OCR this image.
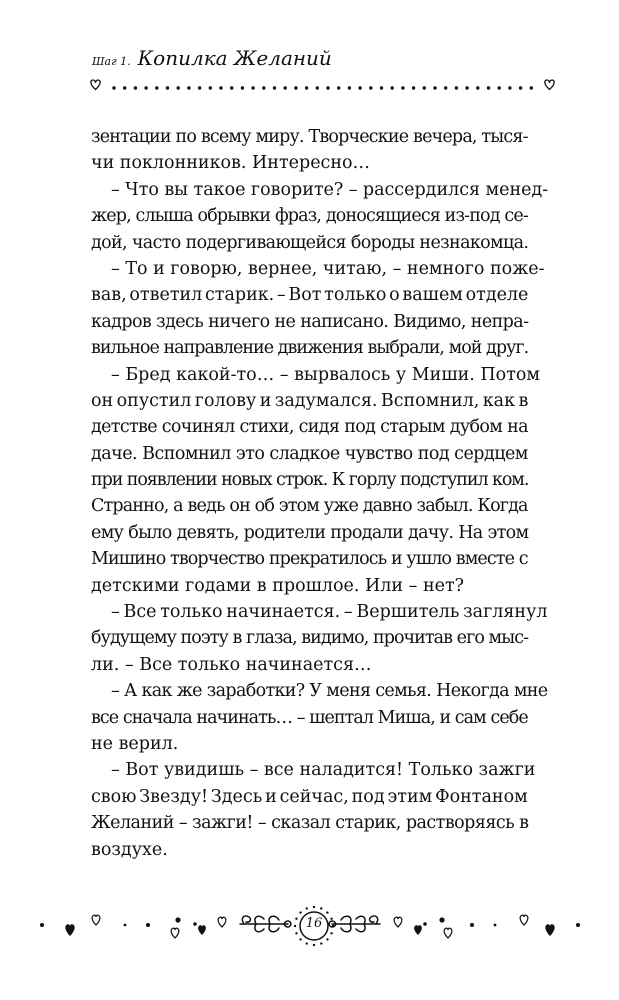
Шаг 1. Копилка Желаний
зентации по всему миру. Творческие вечера, тыся-
чи поклонников. Интересно…
– Что вы такое говорите? – рассердился менед-
жер, слыша обрывки фраз, доносящиеся из-под се-
дой, часто подергивающейся бороды незнакомца.
– То и говорю, вернее, читаю, – немного поже-
вав, ответил старик. – Вот только о вашем отделе
кадров здесь ничего не написано. Видимо, непра-
вильное направление движения выбрали, мой друг.
– Бред какой-то… – вырвалось у Миши. Потом
он опустил голову и задумался. Вспомнил, как в
детстве сочинял стихи, сидя под старым дубом на
даче. Вспомнил это сладкое чувство под сердцем
при появлении новых строк. К горлу подступил ком.
Странно, а ведь он об этом уже давно забыл. Когда
ему было девять, родители продали дачу. На этом
Мишино творчество прекратилось и ушло вместе с
детскими годами в прошлое. Или – нет?
– Все только начинается. – Вершитель заглянул
будущему поэту в глаза, видимо, прочитав его мыс-
ли. – Все только начинается…
– А как же заработки? У меня семья. Некогда мне
все сначала начинать… – шептал Миша, и сам себе
не верил.
– Вот увидишь – все наладится! Только зажги
свою Звезду! Здесь и сейчас, под этим Фонтаном
Желаний – зажги! – сказал старик, растворяясь в
воздухе.
16
